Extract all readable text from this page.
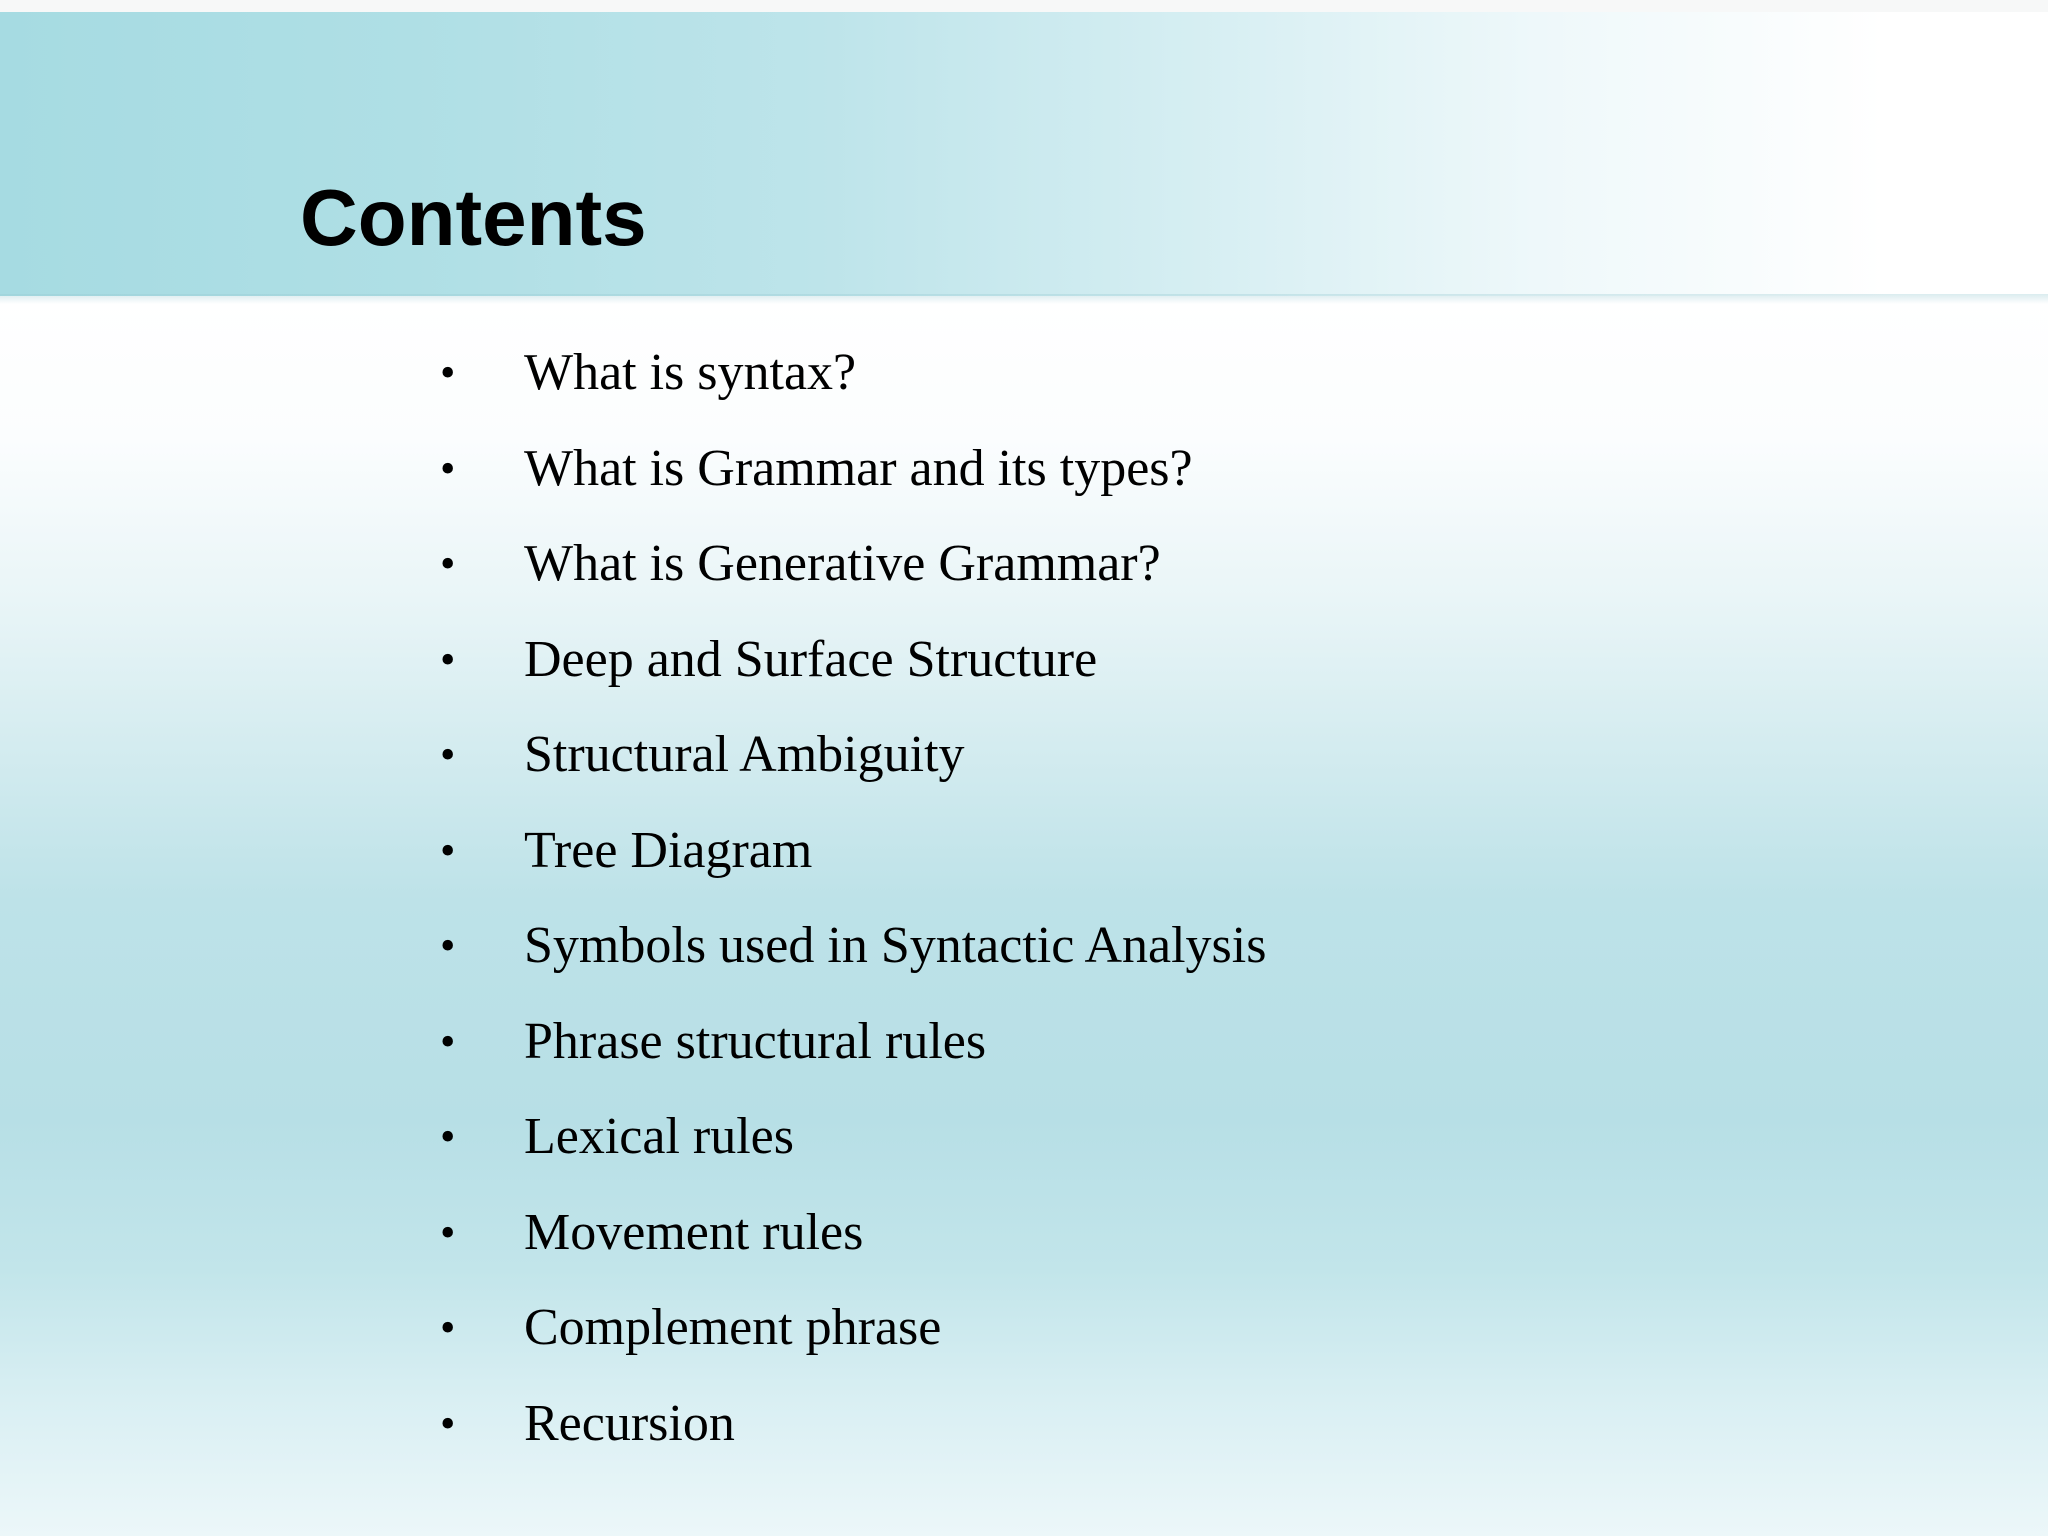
Contents
•	What is syntax?
•	What is Grammar and its types?
•	What is Generative Grammar?
•	Deep and Surface Structure
•	Structural Ambiguity
•	Tree Diagram
•	Symbols used in Syntactic Analysis
•	Phrase structural rules
•	Lexical rules
•	Movement rules
•	Complement phrase
•	Recursion
